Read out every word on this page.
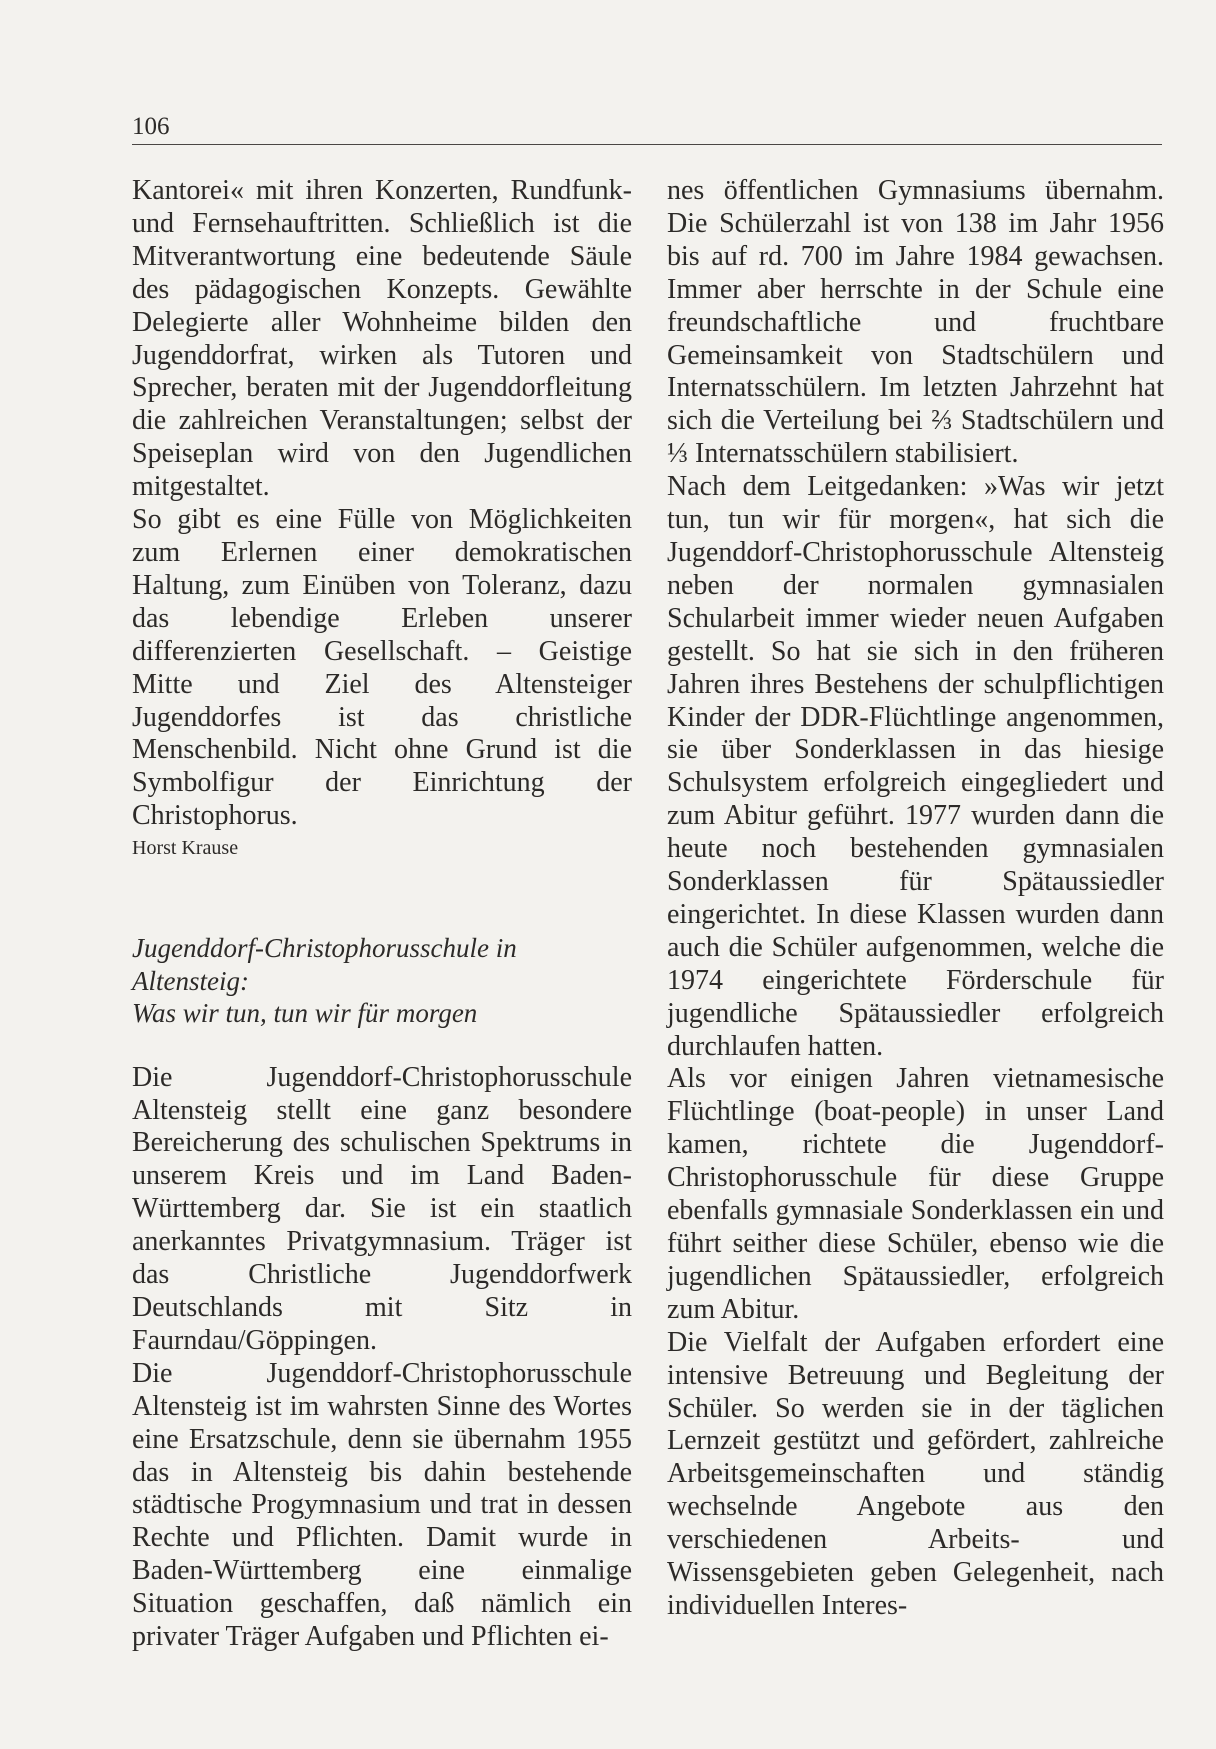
106

Kantorei« mit ihren Konzerten, Rundfunk- und Fernsehauftritten. Schließlich ist die Mitverantwortung eine bedeutende Säule des pädagogischen Konzepts. Gewählte Delegierte aller Wohnheime bilden den Jugenddorfrat, wirken als Tutoren und Sprecher, beraten mit der Jugenddorfleitung die zahlreichen Veranstaltungen; selbst der Speiseplan wird von den Jugendlichen mitgestaltet.

So gibt es eine Fülle von Möglichkeiten zum Erlernen einer demokratischen Haltung, zum Einüben von Toleranz, dazu das lebendige Erleben unserer differenzierten Gesellschaft. – Geistige Mitte und Ziel des Altensteiger Jugenddorfes ist das christliche Menschenbild. Nicht ohne Grund ist die Symbolfigur der Einrichtung der Christophorus.

Horst Krause
Jugenddorf-Christophorusschule in
Altensteig:
Was wir tun, tun wir für morgen

Die Jugenddorf-Christophorusschule Altensteig stellt eine ganz besondere Bereicherung des schulischen Spektrums in unserem Kreis und im Land Baden-Württemberg dar. Sie ist ein staatlich anerkanntes Privatgymnasium. Träger ist das Christliche Jugenddorfwerk Deutschlands mit Sitz in Faurndau/Göppingen.

Die Jugenddorf-Christophorusschule Altensteig ist im wahrsten Sinne des Wortes eine Ersatzschule, denn sie übernahm 1955 das in Altensteig bis dahin bestehende städtische Progymnasium und trat in dessen Rechte und Pflichten. Damit wurde in Baden-Württemberg eine einmalige Situation geschaffen, daß nämlich ein privater Träger Aufgaben und Pflichten ei-

nes öffentlichen Gymnasiums übernahm. Die Schülerzahl ist von 138 im Jahr 1956 bis auf rd. 700 im Jahre 1984 gewachsen. Immer aber herrschte in der Schule eine freundschaftliche und fruchtbare Gemeinsamkeit von Stadtschülern und Internatsschülern. Im letzten Jahrzehnt hat sich die Verteilung bei ⅔ Stadtschülern und ⅓ Internatsschülern stabilisiert.

Nach dem Leitgedanken: »Was wir jetzt tun, tun wir für morgen«, hat sich die Jugenddorf-Christophorusschule Altensteig neben der normalen gymnasialen Schularbeit immer wieder neuen Aufgaben gestellt. So hat sie sich in den früheren Jahren ihres Bestehens der schulpflichtigen Kinder der DDR-Flüchtlinge angenommen, sie über Sonderklassen in das hiesige Schulsystem erfolgreich eingegliedert und zum Abitur geführt. 1977 wurden dann die heute noch bestehenden gymnasialen Sonderklassen für Spätaussiedler eingerichtet. In diese Klassen wurden dann auch die Schüler aufgenommen, welche die 1974 eingerichtete Förderschule für jugendliche Spätaussiedler erfolgreich durchlaufen hatten.

Als vor einigen Jahren vietnamesische Flüchtlinge (boat-people) in unser Land kamen, richtete die Jugenddorf-Christophorusschule für diese Gruppe ebenfalls gymnasiale Sonderklassen ein und führt seither diese Schüler, ebenso wie die jugendlichen Spätaussiedler, erfolgreich zum Abitur.

Die Vielfalt der Aufgaben erfordert eine intensive Betreuung und Begleitung der Schüler. So werden sie in der täglichen Lernzeit gestützt und gefördert, zahlreiche Arbeitsgemeinschaften und ständig wechselnde Angebote aus den verschiedenen Arbeits- und Wissensgebieten geben Gelegenheit, nach individuellen Interes-
